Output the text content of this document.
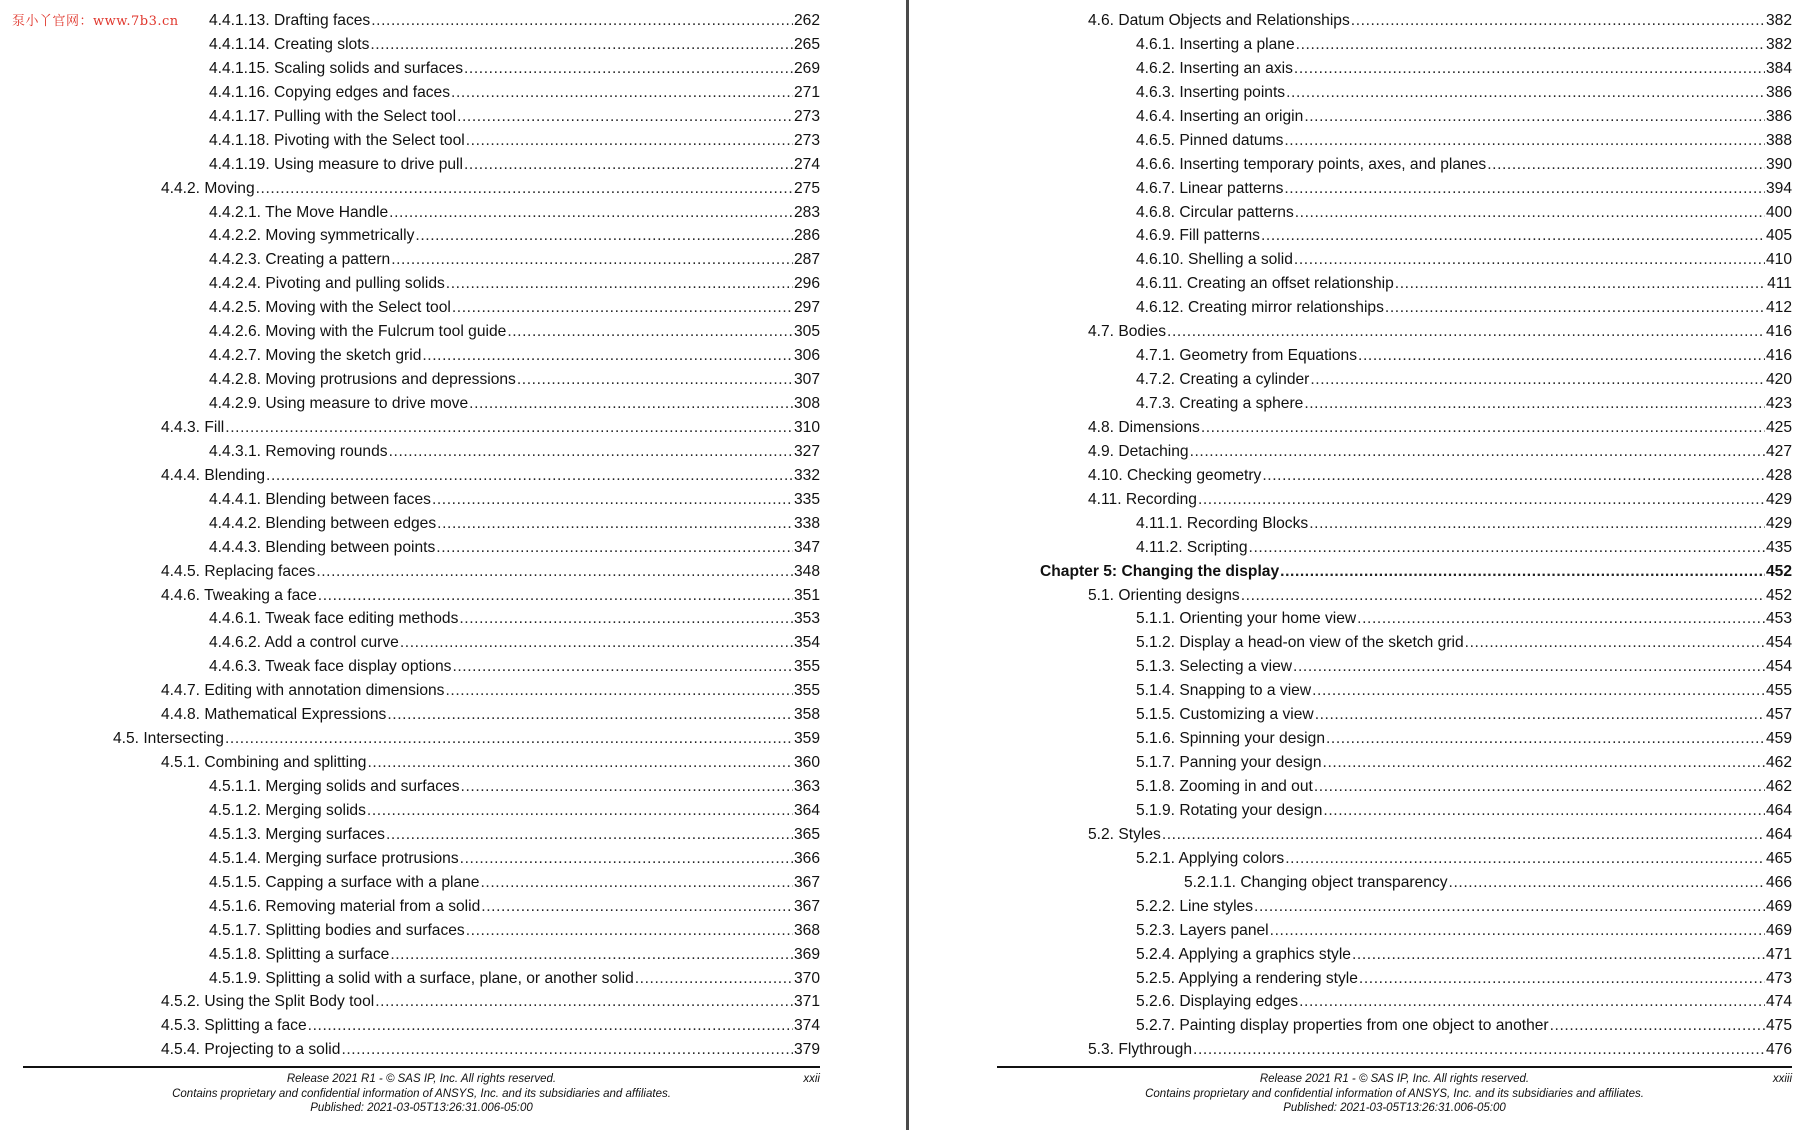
泵小丫官网：www.7b3.cn 4.4.1.13. Drafting faces .....	262
4.4.1.14. Creating slots .....	265
4.4.1.15. Scaling solids and surfaces .....	269
4.4.1.16. Copying edges and faces .....	271
4.4.1.17. Pulling with the Select tool .....	273
4.4.1.18. Pivoting with the Select tool .....	273
4.4.1.19. Using measure to drive pull .....	274
4.4.2. Moving .....	275
4.4.2.1. The Move Handle .....	283
4.4.2.2. Moving symmetrically .....	286
4.4.2.3. Creating a pattern .....	287
4.4.2.4. Pivoting and pulling solids .....	296
4.4.2.5. Moving with the Select tool .....	297
4.4.2.6. Moving with the Fulcrum tool guide .....	305
4.4.2.7. Moving the sketch grid .....	306
4.4.2.8. Moving protrusions and depressions .....	307
4.4.2.9. Using measure to drive move .....	308
4.4.3. Fill .....	310
4.4.3.1. Removing rounds .....	327
4.4.4. Blending .....	332
4.4.4.1. Blending between faces .....	335
4.4.4.2. Blending between edges .....	338
4.4.4.3. Blending between points .....	347
4.4.5. Replacing faces .....	348
4.4.6. Tweaking a face .....	351
4.4.6.1. Tweak face editing methods .....	353
4.4.6.2. Add a control curve .....	354
4.4.6.3. Tweak face display options .....	355
4.4.7. Editing with annotation dimensions .....	355
4.4.8. Mathematical Expressions .....	358
4.5. Intersecting .....	359
4.5.1. Combining and splitting .....	360
4.5.1.1. Merging solids and surfaces .....	363
4.5.1.2. Merging solids .....	364
4.5.1.3. Merging surfaces .....	365
4.5.1.4. Merging surface protrusions .....	366
4.5.1.5. Capping a surface with a plane .....	367
4.5.1.6. Removing material from a solid .....	367
4.5.1.7. Splitting bodies and surfaces .....	368
4.5.1.8. Splitting a surface .....	369
4.5.1.9. Splitting a solid with a surface, plane, or another solid .....	370
4.5.2. Using the Split Body tool .....	371
4.5.3. Splitting a face .....	374
4.5.4. Projecting to a solid .....	379
Release 2021 R1 - © SAS IP, Inc. All rights reserved.
Contains proprietary and confidential information of ANSYS, Inc. and its subsidiaries and affiliates.
Published: 2021-03-05T13:26:31.006-05:00
xxii
4.6. Datum Objects and Relationships .....	382
4.6.1. Inserting a plane .....	382
4.6.2. Inserting an axis .....	384
4.6.3. Inserting points .....	386
4.6.4. Inserting an origin .....	386
4.6.5. Pinned datums .....	388
4.6.6. Inserting temporary points, axes, and planes .....	390
4.6.7. Linear patterns .....	394
4.6.8. Circular patterns .....	400
4.6.9. Fill patterns .....	405
4.6.10. Shelling a solid .....	410
4.6.11. Creating an offset relationship .....	411
4.6.12. Creating mirror relationships .....	412
4.7. Bodies .....	416
4.7.1. Geometry from Equations .....	416
4.7.2. Creating a cylinder .....	420
4.7.3. Creating a sphere .....	423
4.8. Dimensions .....	425
4.9. Detaching .....	427
4.10. Checking geometry .....	428
4.11. Recording .....	429
4.11.1. Recording Blocks .....	429
4.11.2. Scripting .....	435
Chapter 5: Changing the display .....	452
5.1. Orienting designs .....	452
5.1.1. Orienting your home view .....	453
5.1.2. Display a head-on view of the sketch grid .....	454
5.1.3. Selecting a view .....	454
5.1.4. Snapping to a view .....	455
5.1.5. Customizing a view .....	457
5.1.6. Spinning your design .....	459
5.1.7. Panning your design .....	462
5.1.8. Zooming in and out .....	462
5.1.9. Rotating your design .....	464
5.2. Styles .....	464
5.2.1. Applying colors .....	465
5.2.1.1. Changing object transparency .....	466
5.2.2. Line styles .....	469
5.2.3. Layers panel .....	469
5.2.4. Applying a graphics style .....	471
5.2.5. Applying a rendering style .....	473
5.2.6. Displaying edges .....	474
5.2.7. Painting display properties from one object to another .....	475
5.3. Flythrough .....	476
Release 2021 R1 - © SAS IP, Inc. All rights reserved.
Contains proprietary and confidential information of ANSYS, Inc. and its subsidiaries and affiliates.
Published: 2021-03-05T13:26:31.006-05:00
xxiii
